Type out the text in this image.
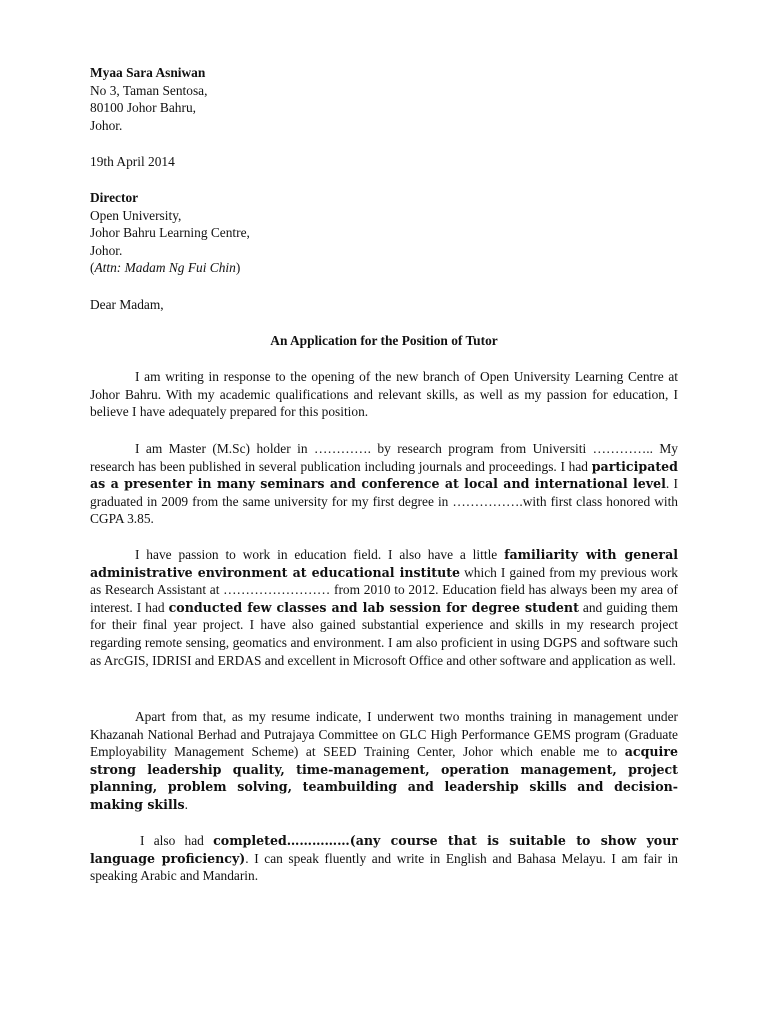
Myaa Sara Asniwan
No 3, Taman Sentosa,
80100 Johor Bahru,
Johor.
19th April 2014
Director
Open University,
Johor Bahru Learning Centre,
Johor.
(Attn: Madam Ng Fui Chin)
Dear Madam,
An Application for the Position of Tutor

I am writing in response to the opening of the new branch of Open University Learning Centre at Johor Bahru. With my academic qualifications and relevant skills, as well as my passion for education, I believe I have adequately prepared for this position.

I am Master (M.Sc) holder in …………. by research program from Universiti ………….. My research has been published in several publication including journals and proceedings. I had participated as a presenter in many seminars and conference at local and international level. I graduated in 2009 from the same university for my first degree in …………….with first class honored with CGPA 3.85.

I have passion to work in education field. I also have a little familiarity with general administrative environment at educational institute which I gained from my previous work as Research Assistant at …………………… from 2010 to 2012. Education field has always been my area of interest. I had conducted few classes and lab session for degree student and guiding them for their final year project. I have also gained substantial experience and skills in my research project regarding remote sensing, geomatics and environment. I am also proficient in using DGPS and software such as ArcGIS, IDRISI and ERDAS and excellent in Microsoft Office and other software and application as well.

Apart from that, as my resume indicate, I underwent two months training in management under Khazanah National Berhad and Putrajaya Committee on GLC High Performance GEMS program (Graduate Employability Management Scheme) at SEED Training Center, Johor which enable me to acquire strong leadership quality, time-management, operation management, project planning, problem solving, teambuilding and leadership skills and decision-making skills.

I also had completed……………(any course that is suitable to show your language proficiency). I can speak fluently and write in English and Bahasa Melayu. I am fair in speaking Arabic and Mandarin.
